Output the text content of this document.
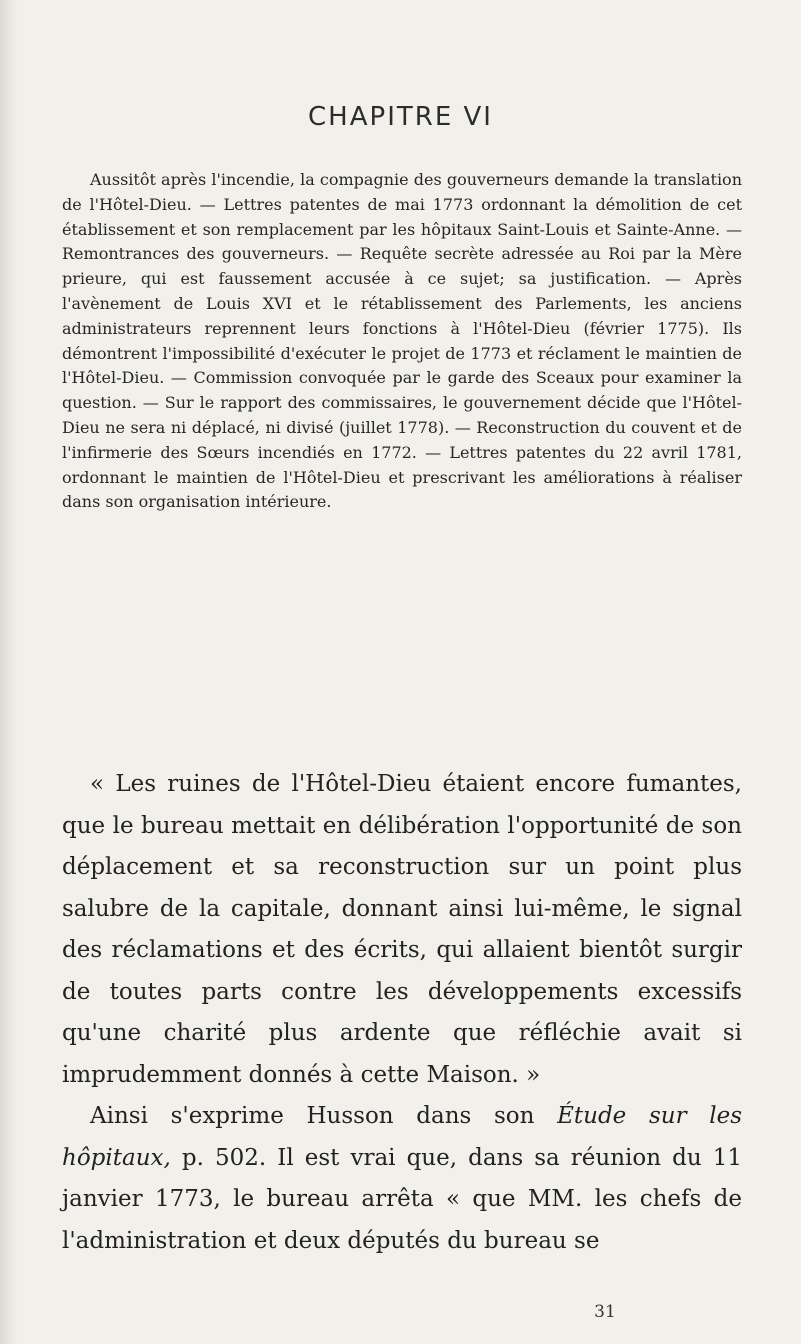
CHAPITRE VI

Aussitôt après l'incendie, la compagnie des gouverneurs demande la translation de l'Hôtel-Dieu. — Lettres patentes de mai 1773 ordonnant la démolition de cet établissement et son remplacement par les hôpitaux Saint-Louis et Sainte-Anne. — Remontrances des gouverneurs. — Requête secrète adressée au Roi par la Mère prieure, qui est faussement accusée à ce sujet; sa justification. — Après l'avènement de Louis XVI et le rétablissement des Parlements, les anciens administrateurs reprennent leurs fonctions à l'Hôtel-Dieu (février 1775). Ils démontrent l'impossibilité d'exécuter le projet de 1773 et réclament le maintien de l'Hôtel-Dieu. — Commission convoquée par le garde des Sceaux pour examiner la question. — Sur le rapport des commissaires, le gouvernement décide que l'Hôtel-Dieu ne sera ni déplacé, ni divisé (juillet 1778). — Reconstruction du couvent et de l'infirmerie des Sœurs incendiés en 1772. — Lettres patentes du 22 avril 1781, ordonnant le maintien de l'Hôtel-Dieu et prescrivant les améliorations à réaliser dans son organisation intérieure.

« Les ruines de l'Hôtel-Dieu étaient encore fumantes, que le bureau mettait en délibération l'opportunité de son déplacement et sa reconstruction sur un point plus salubre de la capitale, donnant ainsi lui-même, le signal des réclamations et des écrits, qui allaient bientôt surgir de toutes parts contre les développements excessifs qu'une charité plus ardente que réfléchie avait si imprudemment donnés à cette Maison. »

Ainsi s'exprime Husson dans son Étude sur les hôpitaux, p. 502. Il est vrai que, dans sa réunion du 11 janvier 1773, le bureau arrêta « que MM. les chefs de l'administration et deux députés du bureau se

31
